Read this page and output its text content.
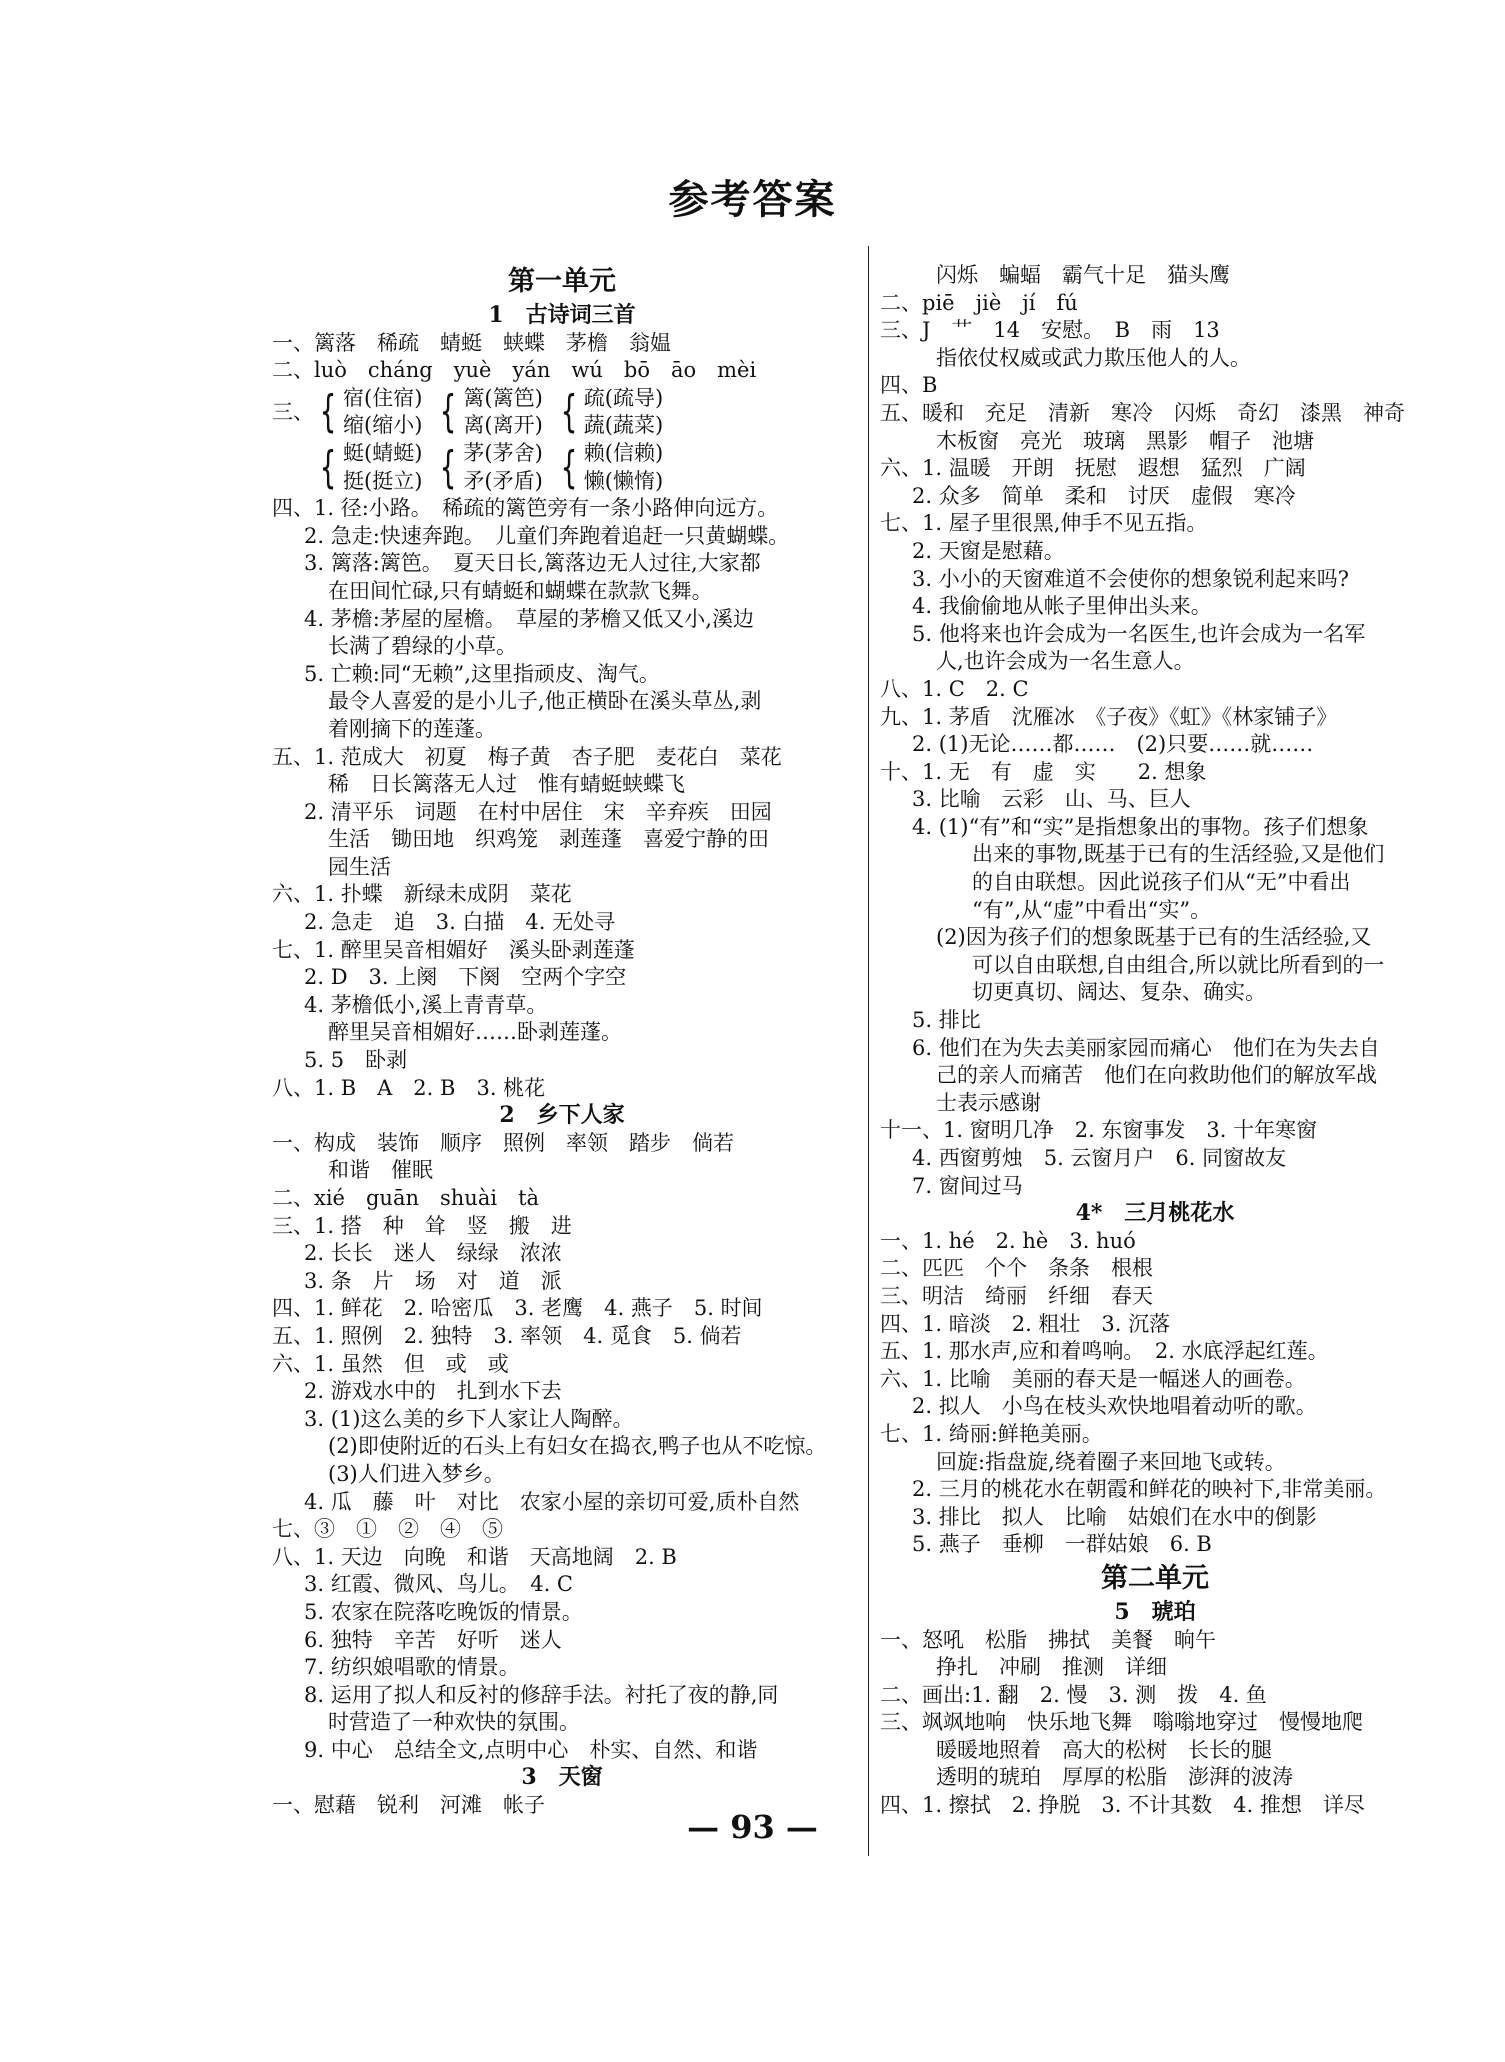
参考答案
第一单元
1　古诗词三首
一、篱落　稀疏　蜻蜓　蛱蝶　茅檐　翁媪
二、luò　cháng　yuè　yán　wú　bō　āo　mèi
三、 { 宿(住宿)
缩(缩小) { 篱(篱笆)
离(离开) { 疏(疏导)
蔬(蔬菜)
{ 蜓(蜻蜓)
挺(挺立) { 茅(茅舍)
矛(矛盾) { 赖(信赖)
懒(懒惰)
四、1. 径:小路。　稀疏的篱笆旁有一条小路伸向远方。
2. 急走:快速奔跑。　儿童们奔跑着追赶一只黄蝴蝶。
3. 篱落:篱笆。　夏天日长,篱落边无人过往,大家都
在田间忙碌,只有蜻蜓和蝴蝶在款款飞舞。
4. 茅檐:茅屋的屋檐。　草屋的茅檐又低又小,溪边
长满了碧绿的小草。
5. 亡赖:同“无赖”,这里指顽皮、淘气。
最令人喜爱的是小儿子,他正横卧在溪头草丛,剥
着刚摘下的莲蓬。
五、1. 范成大　初夏　梅子黄　杏子肥　麦花白　菜花
稀　日长篱落无人过　惟有蜻蜓蛱蝶飞
2. 清平乐　词题　在村中居住　宋　辛弃疾　田园
生活　锄田地　织鸡笼　剥莲蓬　喜爱宁静的田
园生活
六、1. 扑蝶　新绿未成阴　菜花
2. 急走　追　3. 白描　4. 无处寻
七、1. 醉里吴音相媚好　溪头卧剥莲蓬
2. D　3. 上阕　下阕　空两个字空
4. 茅檐低小,溪上青青草。
醉里吴音相媚好……卧剥莲蓬。
5. 5　卧剥
八、1. B　A　2. B　3. 桃花
2　乡下人家
一、构成　装饰　顺序　照例　率领　踏步　倘若
和谐　催眠
二、xié　guān　shuài　tà
三、1. 搭　种　耸　竖　搬　进
2. 长长　迷人　绿绿　浓浓
3. 条　片　场　对　道　派
四、1. 鲜花　2. 哈密瓜　3. 老鹰　4. 燕子　5. 时间
五、1. 照例　2. 独特　3. 率领　4. 觅食　5. 倘若
六、1. 虽然　但　或　或
2. 游戏水中的　扎到水下去
3. (1)这么美的乡下人家让人陶醉。
(2)即使附近的石头上有妇女在捣衣,鸭子也从不吃惊。
(3)人们进入梦乡。
4. 瓜　藤　叶　对比　农家小屋的亲切可爱,质朴自然
七、③　①　②　④　⑤
八、1. 天边　向晚　和谐　天高地阔　2. B
3. 红霞、微风、鸟儿。　4. C
5. 农家在院落吃晚饭的情景。
6. 独特　辛苦　好听　迷人
7. 纺织娘唱歌的情景。
8. 运用了拟人和反衬的修辞手法。衬托了夜的静,同
时营造了一种欢快的氛围。
9. 中心　总结全文,点明中心　朴实、自然、和谐
3　天窗
一、慰藉　锐利　河滩　帐子
闪烁　蝙蝠　霸气十足　猫头鹰
二、piē　jiè　jí　fú
三、J　艹　14　安慰。　B　雨　13
指依仗权威或武力欺压他人的人。
四、B
五、暖和　充足　清新　寒冷　闪烁　奇幻　漆黑　神奇
木板窗　亮光　玻璃　黑影　帽子　池塘
六、1. 温暖　开朗　抚慰　遐想　猛烈　广阔
2. 众多　简单　柔和　讨厌　虚假　寒冷
七、1. 屋子里很黑,伸手不见五指。
2. 天窗是慰藉。
3. 小小的天窗难道不会使你的想象锐利起来吗?
4. 我偷偷地从帐子里伸出头来。
5. 他将来也许会成为一名医生,也许会成为一名军
人,也许会成为一名生意人。
八、1. C　2. C
九、1. 茅盾　沈雁冰　《子夜》《虹》《林家铺子》
2. (1)无论……都……　(2)只要……就……
十、1. 无　有　虚　实　　2. 想象
3. 比喻　云彩　山、马、巨人
4. (1)“有”和“实”是指想象出的事物。孩子们想象
出来的事物,既基于已有的生活经验,又是他们
的自由联想。因此说孩子们从“无”中看出
“有”,从“虚”中看出“实”。
(2)因为孩子们的想象既基于已有的生活经验,又
可以自由联想,自由组合,所以就比所看到的一
切更真切、阔达、复杂、确实。
5. 排比
6. 他们在为失去美丽家园而痛心　他们在为失去自
己的亲人而痛苦　他们在向救助他们的解放军战
士表示感谢
十一、1. 窗明几净　2. 东窗事发　3. 十年寒窗
4. 西窗剪烛　5. 云窗月户　6. 同窗故友
7. 窗间过马
4*　三月桃花水
一、1. hé　2. hè　3. huó
二、匹匹　个个　条条　根根
三、明洁　绮丽　纤细　春天
四、1. 暗淡　2. 粗壮　3. 沉落
五、1. 那水声,应和着鸣响。　2. 水底浮起红莲。
六、1. 比喻　美丽的春天是一幅迷人的画卷。
2. 拟人　小鸟在枝头欢快地唱着动听的歌。
七、1. 绮丽:鲜艳美丽。
回旋:指盘旋,绕着圈子来回地飞或转。
2. 三月的桃花水在朝霞和鲜花的映衬下,非常美丽。
3. 排比　拟人　比喻　姑娘们在水中的倒影
5. 燕子　垂柳　一群姑娘　6. B
第二单元
5　琥珀
一、怒吼　松脂　拂拭　美餐　晌午
挣扎　冲刷　推测　详细
二、画出:1. 翻　2. 慢　3. 测　拨　4. 鱼
三、飒飒地响　快乐地飞舞　嗡嗡地穿过　慢慢地爬
暖暖地照着　高大的松树　长长的腿
透明的琥珀　厚厚的松脂　澎湃的波涛
四、1. 擦拭　2. 挣脱　3. 不计其数　4. 推想　详尽
— 93 —
